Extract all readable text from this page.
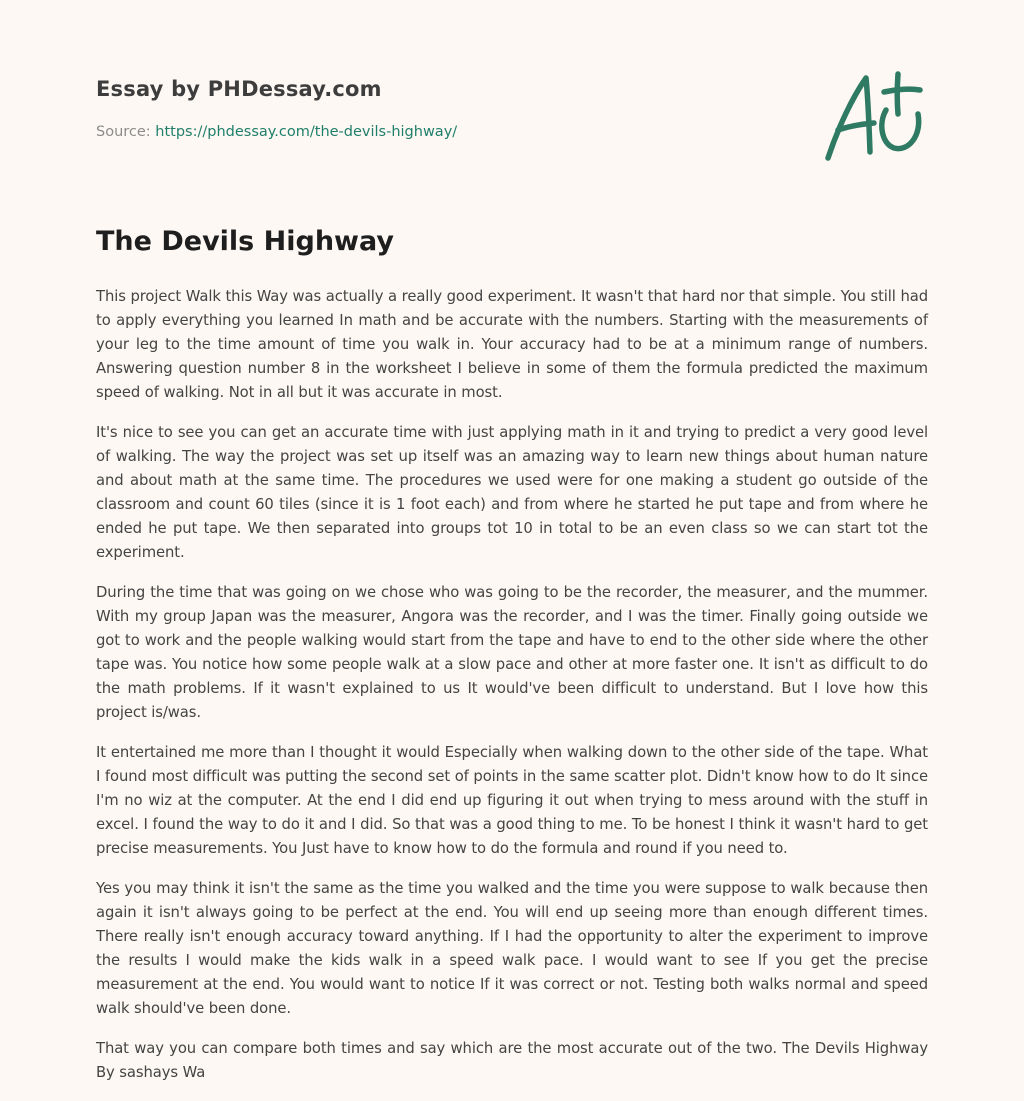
Essay by PHDessay.com
Source: https://phdessay.com/the-devils-highway/
The Devils Highway

This project Walk this Way was actually a really good experiment. It wasn't that hard nor that simple. You still had to apply everything you learned In math and be accurate with the numbers. Starting with the measurements of your leg to the time amount of time you walk in. Your accuracy had to be at a minimum range of numbers. Answering question number 8 in the worksheet I believe in some of them the formula predicted the maximum speed of walking. Not in all but it was accurate in most.

It's nice to see you can get an accurate time with just applying math in it and trying to predict a very good level of walking. The way the project was set up itself was an amazing way to learn new things about human nature and about math at the same time. The procedures we used were for one making a student go outside of the classroom and count 60 tiles (since it is 1 foot each) and from where he started he put tape and from where he ended he put tape. We then separated into groups tot 10 in total to be an even class so we can start tot the experiment.

During the time that was going on we chose who was going to be the recorder, the measurer, and the mummer. With my group Japan was the measurer, Angora was the recorder, and I was the timer. Finally going outside we got to work and the people walking would start from the tape and have to end to the other side where the other tape was. You notice how some people walk at a slow pace and other at more faster one. It isn't as difficult to do the math problems. If it wasn't explained to us It would've been difficult to understand. But I love how this project is/was.

It entertained me more than I thought it would Especially when walking down to the other side of the tape. What I found most difficult was putting the second set of points in the same scatter plot. Didn't know how to do It since I'm no wiz at the computer. At the end I did end up figuring it out when trying to mess around with the stuff in excel. I found the way to do it and I did. So that was a good thing to me. To be honest I think it wasn't hard to get precise measurements. You Just have to know how to do the formula and round if you need to.

Yes you may think it isn't the same as the time you walked and the time you were suppose to walk because then again it isn't always going to be perfect at the end. You will end up seeing more than enough different times. There really isn't enough accuracy toward anything. If I had the opportunity to alter the experiment to improve the results I would make the kids walk in a speed walk pace. I would want to see If you get the precise measurement at the end. You would want to notice If it was correct or not. Testing both walks normal and speed walk should've been done.

That way you can compare both times and say which are the most accurate out of the two. The Devils Highway By sashays Wa
